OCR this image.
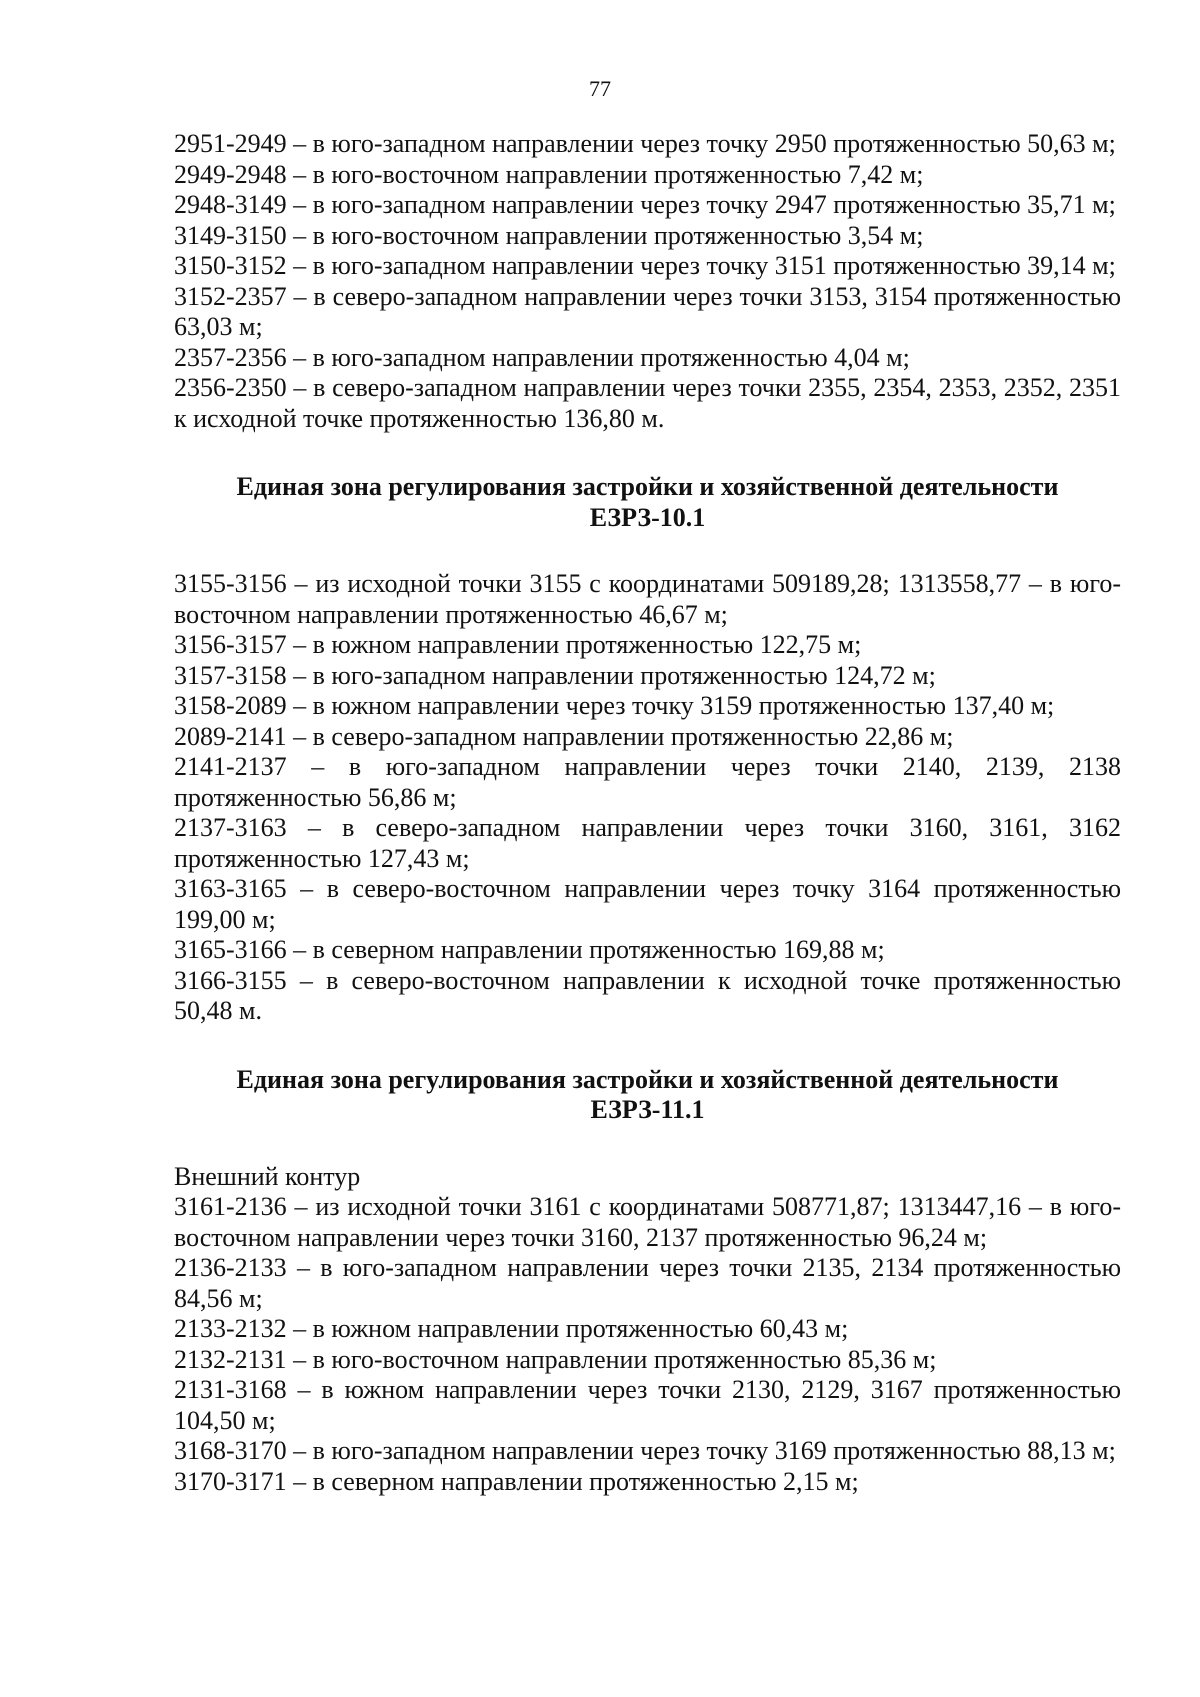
77

2951-2949 – в юго-западном направлении через точку 2950 протяженностью 50,63 м;

2949-2948 – в юго-восточном направлении протяженностью 7,42 м;

2948-3149 – в юго-западном направлении через точку 2947 протяженностью 35,71 м;

3149-3150 – в юго-восточном направлении протяженностью 3,54 м;

3150-3152 – в юго-западном направлении через точку 3151 протяженностью 39,14 м;

3152-2357 – в северо-западном направлении через точки 3153, 3154 протяженностью 63,03 м;

2357-2356 – в юго-западном направлении протяженностью 4,04 м;

2356-2350 – в северо-западном направлении через точки 2355, 2354, 2353, 2352, 2351 к исходной точке протяженностью 136,80 м.

Единая зона регулирования застройки и хозяйственной деятельности

ЕЗРЗ-10.1

3155-3156 – из исходной точки 3155 с координатами 509189,28; 1313558,77 – в юго-восточном направлении протяженностью 46,67 м;

3156-3157 – в южном направлении протяженностью 122,75 м;

3157-3158 – в юго-западном направлении протяженностью 124,72 м;

3158-2089 – в южном направлении через точку 3159 протяженностью 137,40 м;

2089-2141 – в северо-западном направлении протяженностью 22,86 м;

2141-2137 – в юго-западном направлении через точки 2140, 2139, 2138 протяженностью 56,86 м;

2137-3163 – в северо-западном направлении через точки 3160, 3161, 3162 протяженностью 127,43 м;

3163-3165 – в северо-восточном направлении через точку 3164 протяженностью 199,00 м;

3165-3166 – в северном направлении протяженностью 169,88 м;

3166-3155 – в северо-восточном направлении к исходной точке протяженностью 50,48 м.

Единая зона регулирования застройки и хозяйственной деятельности

ЕЗРЗ-11.1

Внешний контур

3161-2136 – из исходной точки 3161 с координатами 508771,87; 1313447,16 – в юго-восточном направлении через точки 3160, 2137 протяженностью 96,24 м;

2136-2133 – в юго-западном направлении через точки 2135, 2134 протяженностью 84,56 м;

2133-2132 – в южном направлении протяженностью 60,43 м;

2132-2131 – в юго-восточном направлении протяженностью 85,36 м;

2131-3168 – в южном направлении через точки 2130, 2129, 3167 протяженностью 104,50 м;

3168-3170 – в юго-западном направлении через точку 3169 протяженностью 88,13 м;

3170-3171 – в северном направлении протяженностью 2,15 м;
